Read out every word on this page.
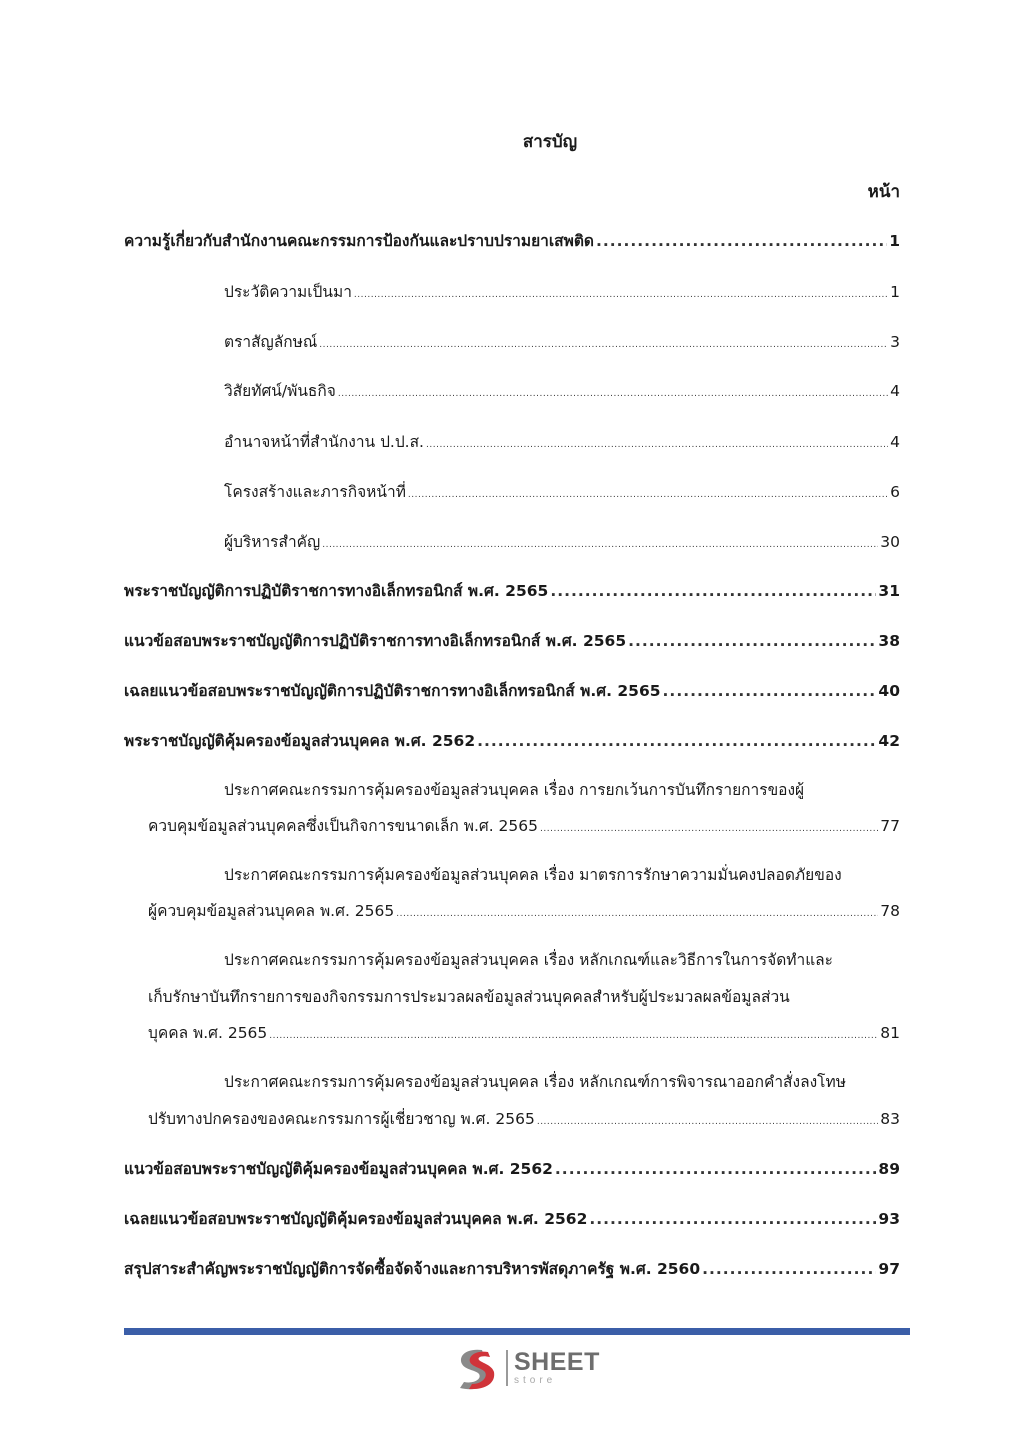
สารบัญ
หน้า
ความรู้เกี่ยวกับสำนักงานคณะกรรมการป้องกันและปราบปรามยาเสพติด .....	1
ประวัติความเป็นมา .....	1
ตราสัญลักษณ์ .....	3
วิสัยทัศน์/พันธกิจ .....	4
อำนาจหน้าที่สำนักงาน ป.ป.ส. .....	4
โครงสร้างและภารกิจหน้าที่ .....	6
ผู้บริหารสำคัญ .....	30
พระราชบัญญัติการปฏิบัติราชการทางอิเล็กทรอนิกส์ พ.ศ. 2565 .....	31
แนวข้อสอบพระราชบัญญัติการปฏิบัติราชการทางอิเล็กทรอนิกส์ พ.ศ. 2565 .....	38
เฉลยแนวข้อสอบพระราชบัญญัติการปฏิบัติราชการทางอิเล็กทรอนิกส์ พ.ศ. 2565 .....	40
พระราชบัญญัติคุ้มครองข้อมูลส่วนบุคคล พ.ศ. 2562 .....	42
ประกาศคณะกรรมการคุ้มครองข้อมูลส่วนบุคคล เรื่อง การยกเว้นการบันทึกรายการของผู้
ควบคุมข้อมูลส่วนบุคคลซึ่งเป็นกิจการขนาดเล็ก พ.ศ. 2565 .....	77
ประกาศคณะกรรมการคุ้มครองข้อมูลส่วนบุคคล เรื่อง มาตรการรักษาความมั่นคงปลอดภัยของ
ผู้ควบคุมข้อมูลส่วนบุคคล พ.ศ. 2565 .....	78
ประกาศคณะกรรมการคุ้มครองข้อมูลส่วนบุคคล เรื่อง หลักเกณฑ์และวิธีการในการจัดทำและ
เก็บรักษาบันทึกรายการของกิจกรรมการประมวลผลข้อมูลส่วนบุคคลสำหรับผู้ประมวลผลข้อมูลส่วน
บุคคล พ.ศ. 2565 .....	81
ประกาศคณะกรรมการคุ้มครองข้อมูลส่วนบุคคล เรื่อง หลักเกณฑ์การพิจารณาออกคำสั่งลงโทษ
ปรับทางปกครองของคณะกรรมการผู้เชี่ยวชาญ พ.ศ. 2565 .....	83
แนวข้อสอบพระราชบัญญัติคุ้มครองข้อมูลส่วนบุคคล พ.ศ. 2562 .....	89
เฉลยแนวข้อสอบพระราชบัญญัติคุ้มครองข้อมูลส่วนบุคคล พ.ศ. 2562 .....	93
สรุปสาระสำคัญพระราชบัญญัติการจัดซื้อจัดจ้างและการบริหารพัสดุภาครัฐ พ.ศ. 2560 .....	97
SHEET
store
